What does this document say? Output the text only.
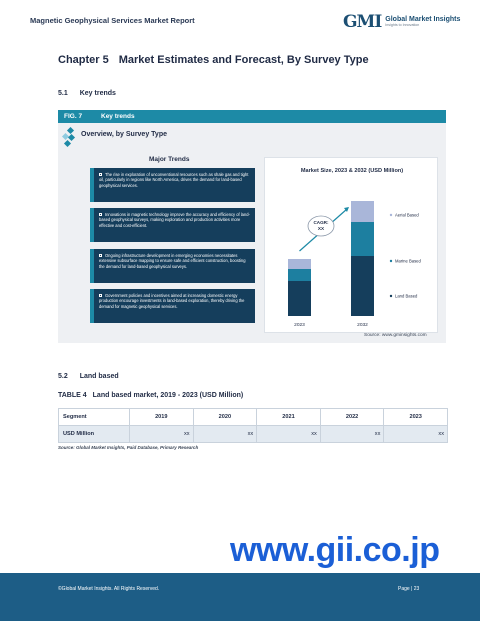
Magnetic Geophysical Services Market Report	GMI Global Market Insights
Insights to Innovation
Chapter 5 Market Estimates and Forecast, By Survey Type
5.1 Key trends
FIG. 7	Key trends
Overview, by Survey Type
Major Trends
The rise in exploration of unconventional resources such as shale gas and tight oil, particularly in regions like North America, drives the demand for land-based geophysical services.
Innovations in magnetic technology improve the accuracy and efficiency of land-based geophysical surveys, making exploration and production activities more effective and cost-efficient.
Ongoing infrastructure development in emerging economies necessitates extensive subsurface mapping to ensure safe and efficient construction, boosting the demand for land-based geophysical surveys.
Government policies and incentives aimed at increasing domestic energy production encourage investments in land-based exploration, thereby driving the demand for magnetic geophysical services.
Market Size, 2023 & 2032 (USD Million)
2023	2032
CAGR:
XX
Land Based
Marine Based
Aerial Based
Source: www.gminsights.com
5.2 Land based
TABLE 4 Land based market, 2019 - 2023 (USD Million)
Segment	2019	2020	2021	2022	2023
USD Million	xx	xx	xx	xx	xx
Source: Global Market Insights, Paid Database, Primary Research
www.gii.co.jp
©Global Market Insights. All Rights Reserved.	Page | 23
